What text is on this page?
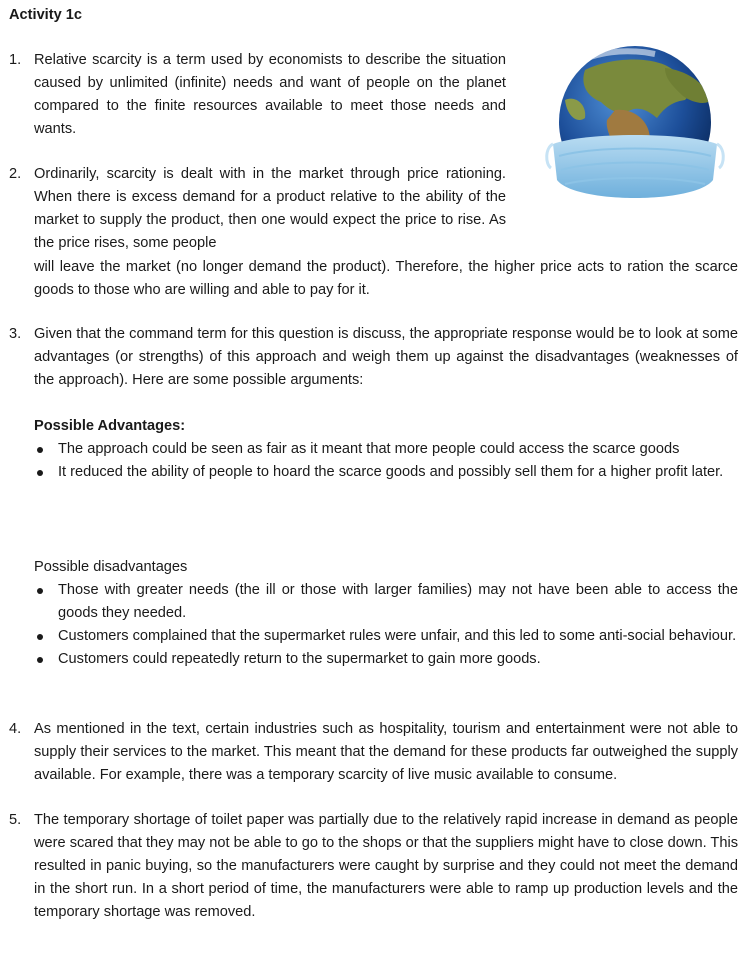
Activity 1c
1. Relative scarcity is a term used by economists to describe the situation caused by unlimited (infinite) needs and want of people on the planet compared to the finite resources available to meet those needs and wants.
2. Ordinarily, scarcity is dealt with in the market through price rationing. When there is excess demand for a product relative to the ability of the market to supply the product, then one would expect the price to rise. As the price rises, some people
will leave the market (no longer demand the product). Therefore, the higher price acts to ration the scarce goods to those who are willing and able to pay for it.
3. Given that the command term for this question is discuss, the appropriate response would be to look at some advantages (or strengths) of this approach and weigh them up against the disadvantages (weaknesses of the approach). Here are some possible arguments:
Possible Advantages:
The approach could be seen as fair as it meant that more people could access the scarce goods
It reduced the ability of people to hoard the scarce goods and possibly sell them for a higher profit later.
Possible disadvantages
Those with greater needs (the ill or those with larger families) may not have been able to access the goods they needed.
Customers complained that the supermarket rules were unfair, and this led to some anti-social behaviour.
Customers could repeatedly return to the supermarket to gain more goods.
4. As mentioned in the text, certain industries such as hospitality, tourism and entertainment were not able to supply their services to the market. This meant that the demand for these products far outweighed the supply available. For example, there was a temporary scarcity of live music available to consume.
5. The temporary shortage of toilet paper was partially due to the relatively rapid increase in demand as people were scared that they may not be able to go to the shops or that the suppliers might have to close down. This resulted in panic buying, so the manufacturers were caught by surprise and they could not meet the demand in the short run. In a short period of time, the manufacturers were able to ramp up production levels and the temporary shortage was removed.
